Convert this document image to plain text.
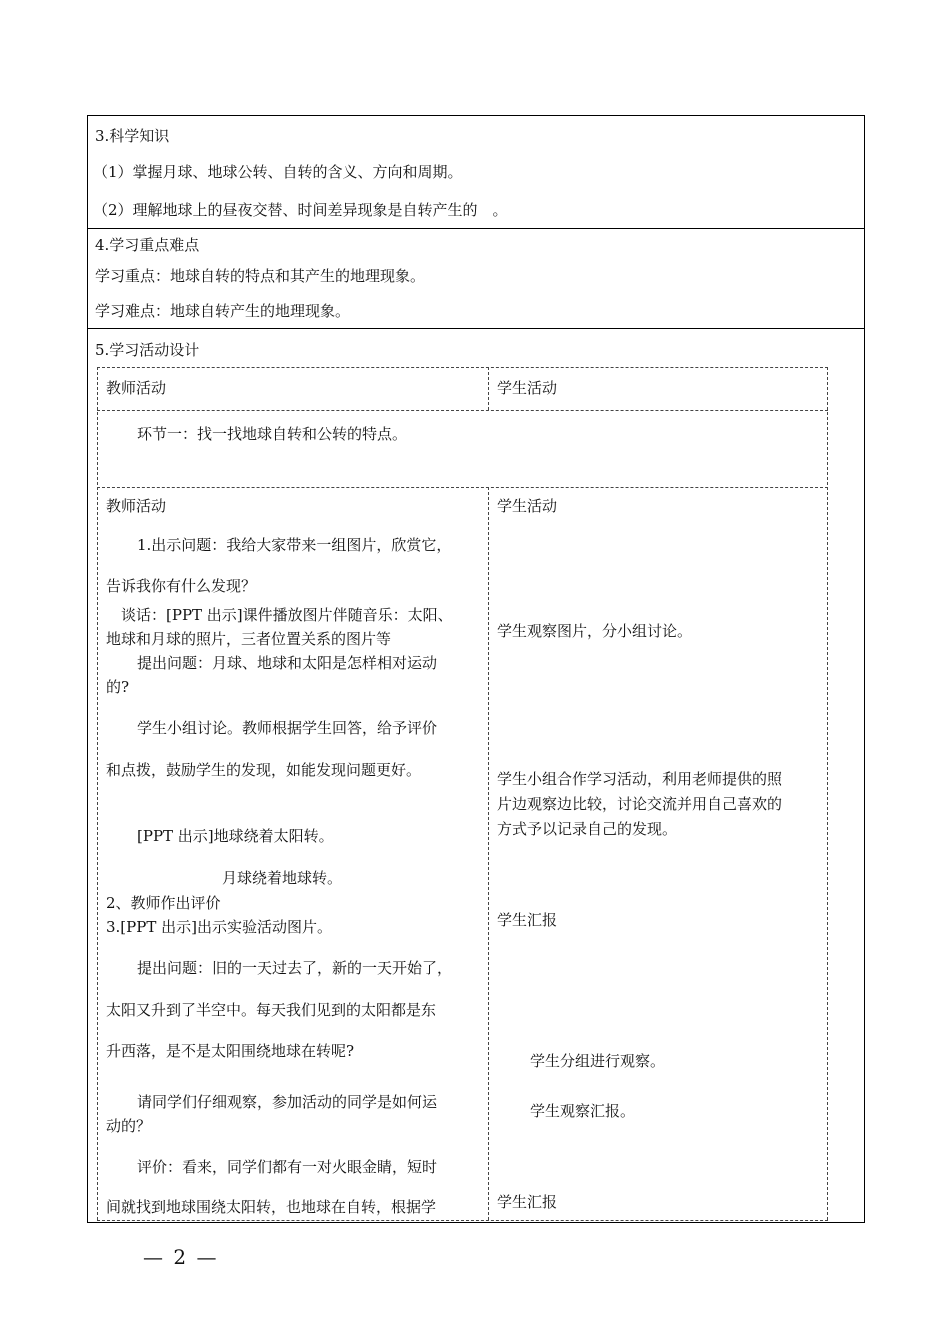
3.科学知识
（1）掌握月球、地球公转、自转的含义、方向和周期。
（2）理解地球上的昼夜交替、时间差异现象是自转产生的　。
4.学习重点难点
学习重点：地球自转的特点和其产生的地理现象。
学习难点：地球自转产生的地理现象。
5.学习活动设计
教师活动	学生活动
环节一：找一找地球自转和公转的特点。
教师活动	学生活动
1.出示问题：我给大家带来一组图片，欣赏它，
告诉我你有什么发现？
谈话：[PPT 出示]课件播放图片伴随音乐：太阳、
地球和月球的照片，三者位置关系的图片等
提出问题：月球、地球和太阳是怎样相对运动
的?
学生小组讨论。教师根据学生回答，给予评价
和点拨，鼓励学生的发现，如能发现问题更好。
[PPT 出示]地球绕着太阳转。
月球绕着地球转。
2、教师作出评价
3.[PPT 出示]出示实验活动图片。
提出问题：旧的一天过去了，新的一天开始了，
太阳又升到了半空中。每天我们见到的太阳都是东
升西落，是不是太阳围绕地球在转呢?
请同学们仔细观察，参加活动的同学是如何运
动的？
评价：看来，同学们都有一对火眼金睛，短时
间就找到地球围绕太阳转，也地球在自转，根据学
学生观察图片，分小组讨论。
学生小组合作学习活动，利用老师提供的照
片边观察边比较，讨论交流并用自己喜欢的
方式予以记录自己的发现。
学生汇报
学生分组进行观察。
学生观察汇报。
学生汇报
— 2 —
